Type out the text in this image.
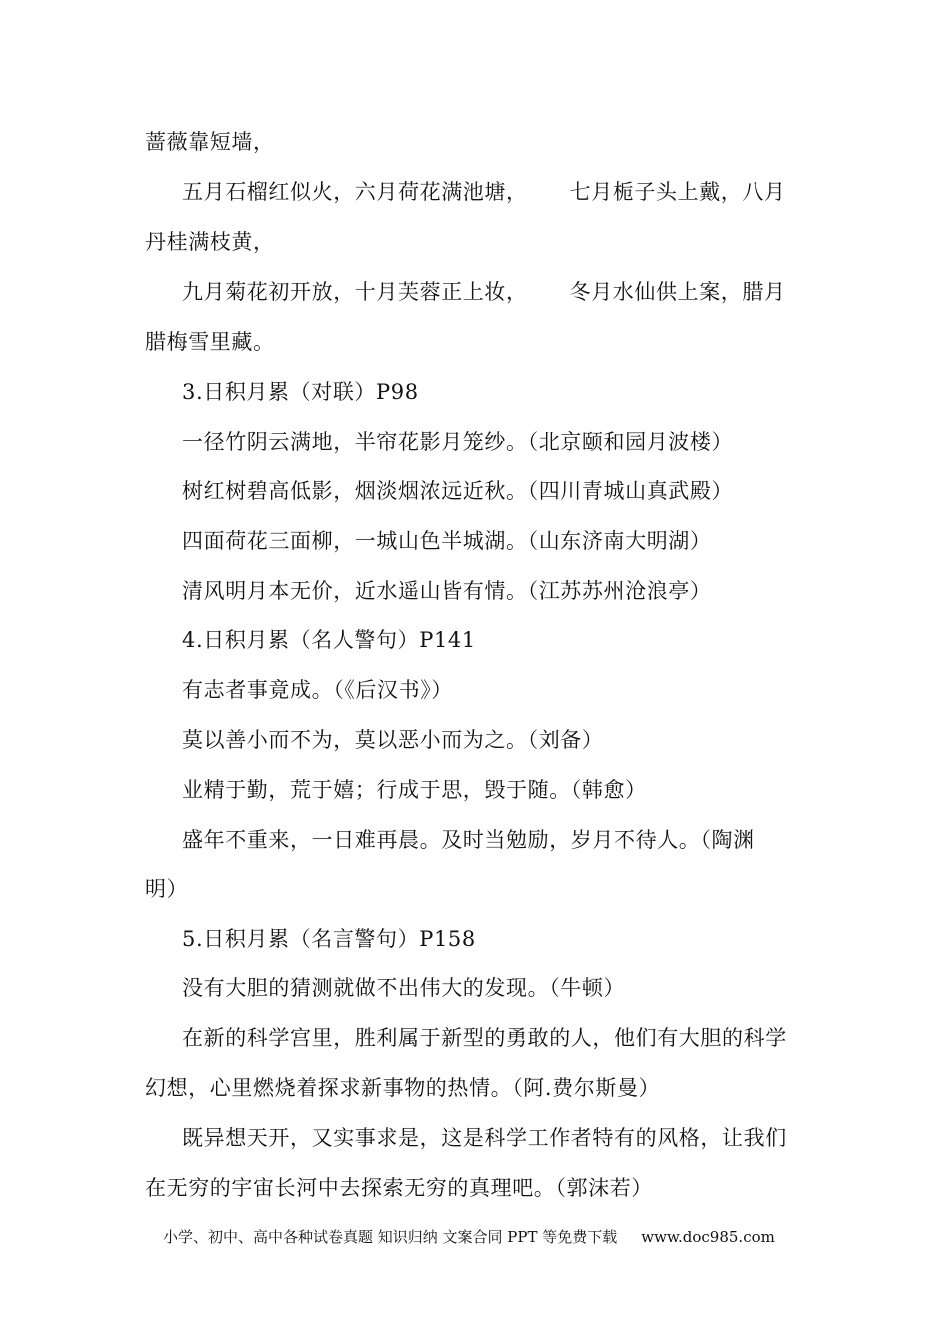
蔷薇靠短墙，
五月石榴红似火，六月荷花满池塘， 七月栀子头上戴，八月
丹桂满枝黄，
九月菊花初开放，十月芙蓉正上妆， 冬月水仙供上案，腊月
腊梅雪里藏。
3.日积月累（对联）P98
一径竹阴云满地，半帘花影月笼纱。（北京颐和园月波楼）
树红树碧高低影，烟淡烟浓远近秋。（四川青城山真武殿）
四面荷花三面柳，一城山色半城湖。（山东济南大明湖）
清风明月本无价，近水遥山皆有情。（江苏苏州沧浪亭）
4.日积月累（名人警句）P141
有志者事竟成。（《后汉书》）
莫以善小而不为，莫以恶小而为之。（刘备）
业精于勤，荒于嬉；行成于思，毁于随。（韩愈）
盛年不重来，一日难再晨。及时当勉励，岁月不待人。（陶渊
明）
5.日积月累（名言警句）P158
没有大胆的猜测就做不出伟大的发现。（牛顿）
在新的科学宫里，胜利属于新型的勇敢的人，他们有大胆的科学
幻想，心里燃烧着探求新事物的热情。（阿.费尔斯曼）
既异想天开，又实事求是，这是科学工作者特有的风格，让我们
在无穷的宇宙长河中去探索无穷的真理吧。（郭沫若）
小学、初中、高中各种试卷真题 知识归纳 文案合同 PPT 等免费下载 www.doc985.com
